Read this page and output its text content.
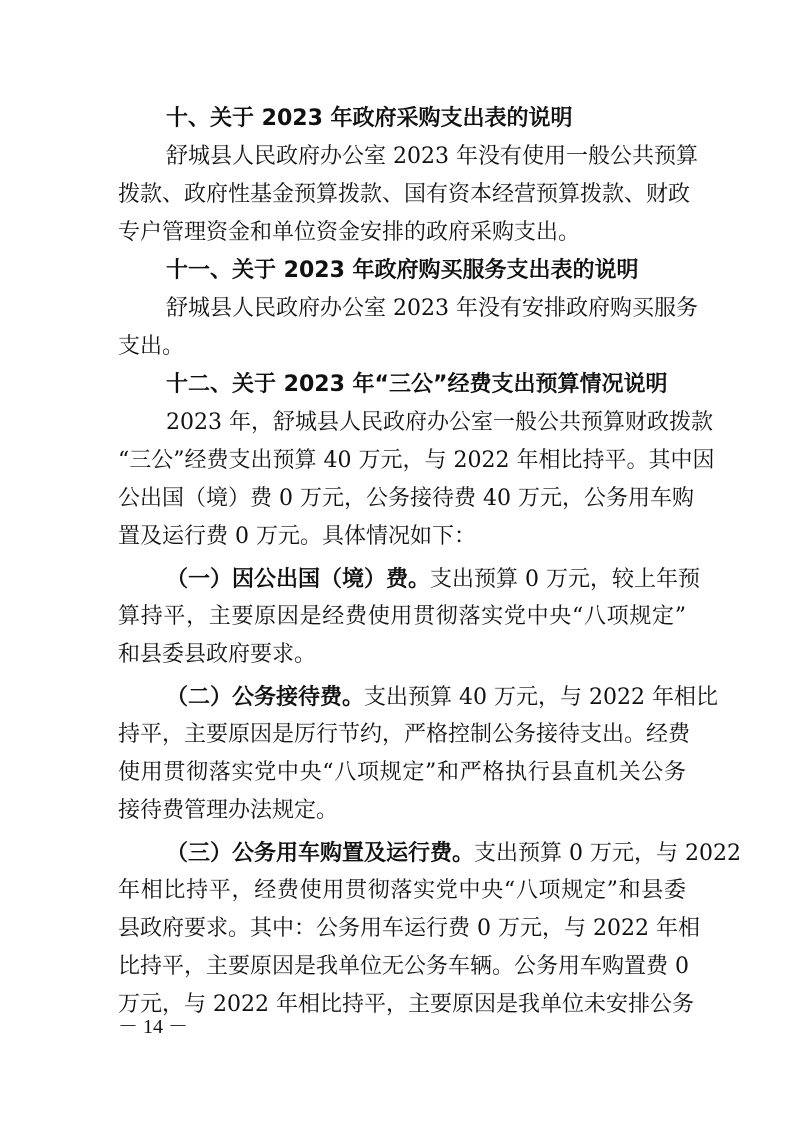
十、关于 2023 年政府采购支出表的说明
舒城县人民政府办公室 2023 年没有使用一般公共预算
拨款、政府性基金预算拨款、国有资本经营预算拨款、财政
专户管理资金和单位资金安排的政府采购支出。
十一、关于 2023 年政府购买服务支出表的说明
舒城县人民政府办公室 2023 年没有安排政府购买服务
支出。
十二、关于 2023 年“三公”经费支出预算情况说明
2023 年，舒城县人民政府办公室一般公共预算财政拨款
“三公”经费支出预算 40 万元，与 2022 年相比持平。其中因
公出国（境）费 0 万元，公务接待费 40 万元，公务用车购
置及运行费 0 万元。具体情况如下：
（一）因公出国（境）费。支出预算 0 万元，较上年预
算持平，主要原因是经费使用贯彻落实党中央“八项规定”
和县委县政府要求。
（二）公务接待费。支出预算 40 万元，与 2022 年相比
持平，主要原因是厉行节约，严格控制公务接待支出。经费
使用贯彻落实党中央“八项规定”和严格执行县直机关公务
接待费管理办法规定。
（三）公务用车购置及运行费。支出预算 0 万元，与 2022
年相比持平，经费使用贯彻落实党中央“八项规定”和县委
县政府要求。其中：公务用车运行费 0 万元，与 2022 年相
比持平，主要原因是我单位无公务车辆。公务用车购置费 0
万元，与 2022 年相比持平，主要原因是我单位未安排公务
－ 14 －
